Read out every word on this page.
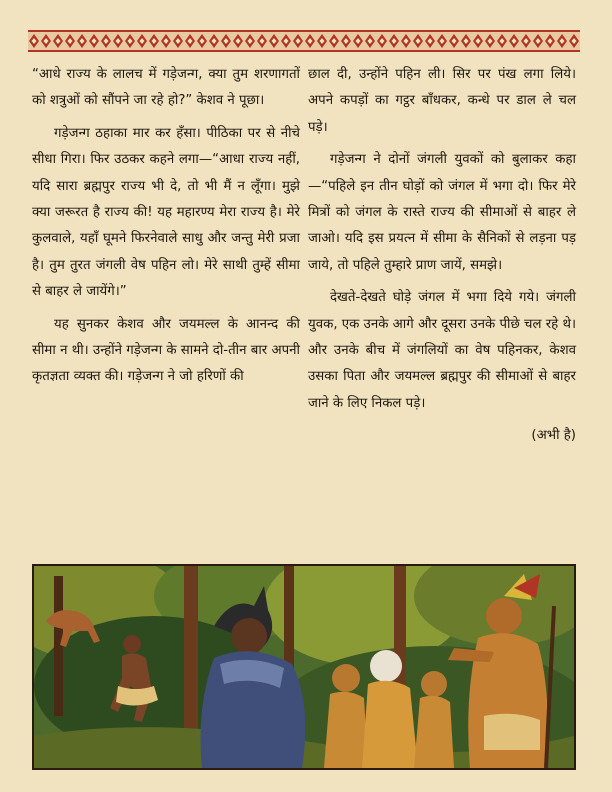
“आधे राज्य के लालच में गड़ेजन्ग, क्या तुम शरणागतों को शत्रुओं को सौंपने जा रहे हो?” केशव ने पूछा।

गड़ेजन्ग ठहाका मार कर हँसा। पीठिका पर से नीचे सीधा गिरा। फिर उठकर कहने लगा—“आधा राज्य नहीं, यदि सारा ब्रह्मपुर राज्य भी दे, तो भी मैं न लूँगा। मुझे क्या जरूरत है राज्य की! यह महारण्य मेरा राज्य है। मेरे कुलवाले, यहाँ घूमने फिरनेवाले साधु और जन्तु मेरी प्रजा है। तुम तुरत जंगली वेष पहिन लो। मेरे साथी तुम्हें सीमा से बाहर ले जायेंगे।”

यह सुनकर केशव और जयमल्ल के आनन्द की सीमा न थी। उन्होंने गड़ेजन्ग के सामने दो-तीन बार अपनी कृतज्ञता व्यक्त की। गड़ेजन्ग ने जो हरिणों की

छाल दी, उन्होंने पहिन ली। सिर पर पंख लगा लिये। अपने कपड़ों का गट्ठर बाँधकर, कन्धे पर डाल ले चल पड़े।

गड़ेजन्ग ने दोनों जंगली युवकों को बुलाकर कहा—“पहिले इन तीन घोड़ों को जंगल में भगा दो। फिर मेरे मित्रों को जंगल के रास्ते राज्य की सीमाओं से बाहर ले जाओ। यदि इस प्रयत्न में सीमा के सैनिकों से लड़ना पड़ जाये, तो पहिले तुम्हारे प्राण जायें, समझे।

देखते-देखते घोड़े जंगल में भगा दिये गये। जंगली युवक, एक उनके आगे और दूसरा उनके पीछे चल रहे थे। और उनके बीच में जंगलियों का वेष पहिनकर, केशव उसका पिता और जयमल्ल ब्रह्मपुर की सीमाओं से बाहर जाने के लिए निकल पड़े।

(अभी है)
